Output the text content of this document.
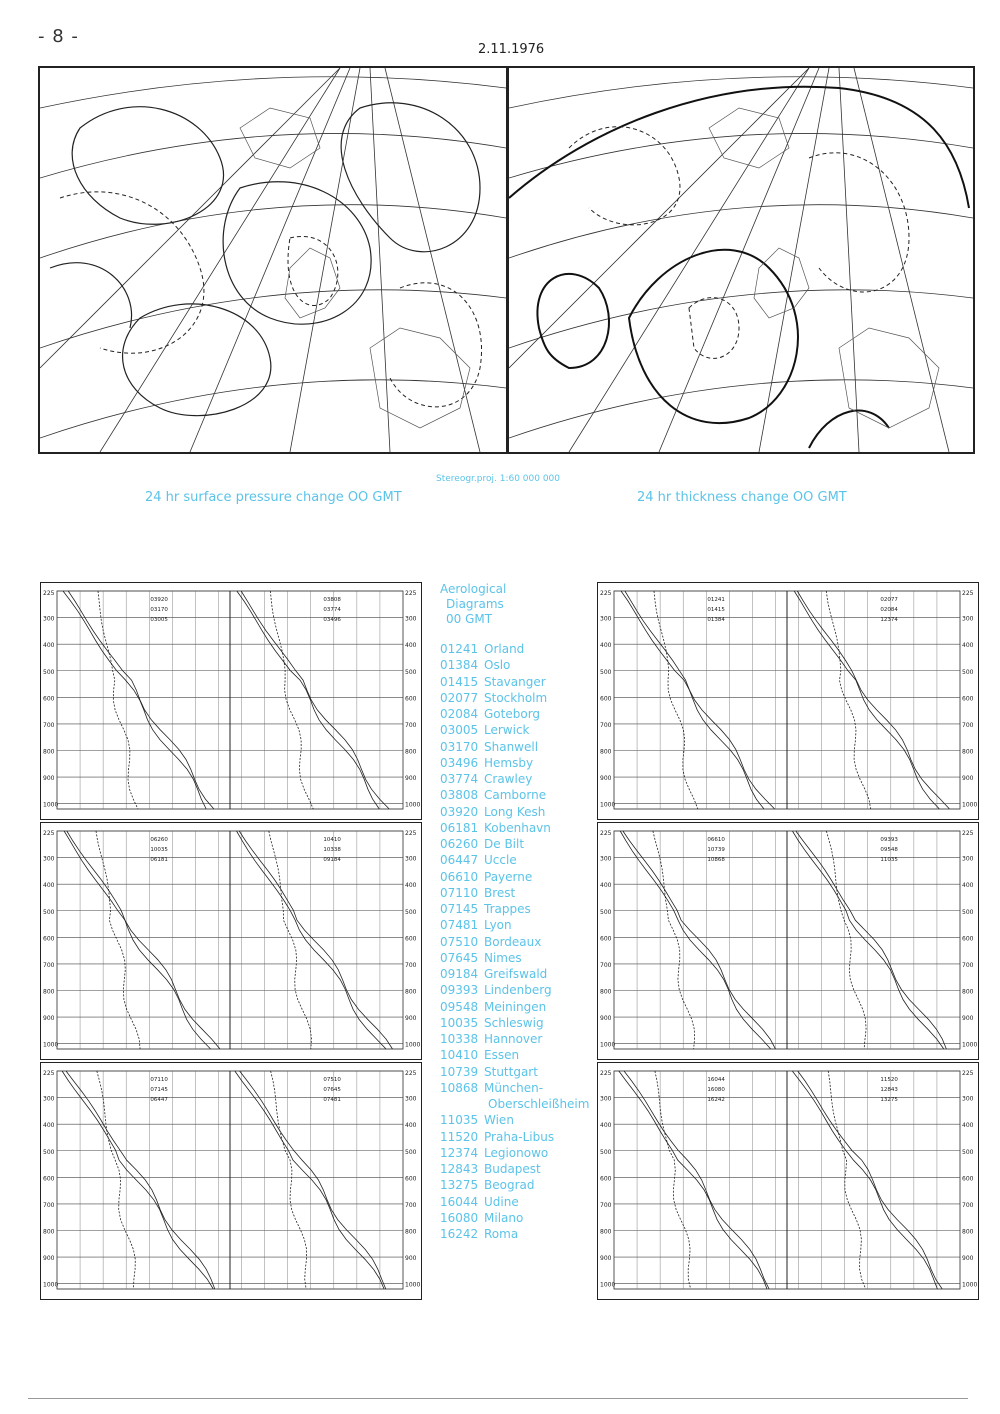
- 8 -
2.11.1976
Stereogr.proj. 1:60 000 000
24 hr surface pressure change OO GMT	24 hr thickness change OO GMT
300	300
400	400
500	500
600	600
700	700
800	800
900	900
1000	1000
225	225
03920
03170
03005
03808
03774
03496	300	300
400	400
500	500
600	600
700	700
800	800
900	900
1000	1000
225	225
01241
01415
01384
02077
02084
12374
300	300
400	400
500	500
600	600
700	700
800	800
900	900
1000	1000
225	225
06260
10035
06181
10410
10338
09184	300	300
400	400
500	500
600	600
700	700
800	800
900	900
1000	1000
225	225
06610
10739
10868
09393
09548
11035
300	300
400	400
500	500
600	600
700	700
800	800
900	900
1000	1000
225	225
07110
07145
06447
07510
07645
07481	300	300
400	400
500	500
600	600
700	700
800	800
900	900
1000	1000
225	225
16044
16080
16242
11520
12843
13275
Aerological
Diagrams
00 GMT
01241 Orland
01384 Oslo
01415 Stavanger
02077 Stockholm
02084 Goteborg
03005 Lerwick
03170 Shanwell
03496 Hemsby
03774 Crawley
03808 Camborne
03920 Long Kesh
06181 Kobenhavn
06260 De Bilt
06447 Uccle
06610 Payerne
07110 Brest
07145 Trappes
07481 Lyon
07510 Bordeaux
07645 Nimes
09184 Greifswald
09393 Lindenberg
09548 Meiningen
10035 Schleswig
10338 Hannover
10410 Essen
10739 Stuttgart
10868 München-
Oberschleißheim
11035 Wien
11520 Praha-Libus
12374 Legionowo
12843 Budapest
13275 Beograd
16044 Udine
16080 Milano
16242 Roma
